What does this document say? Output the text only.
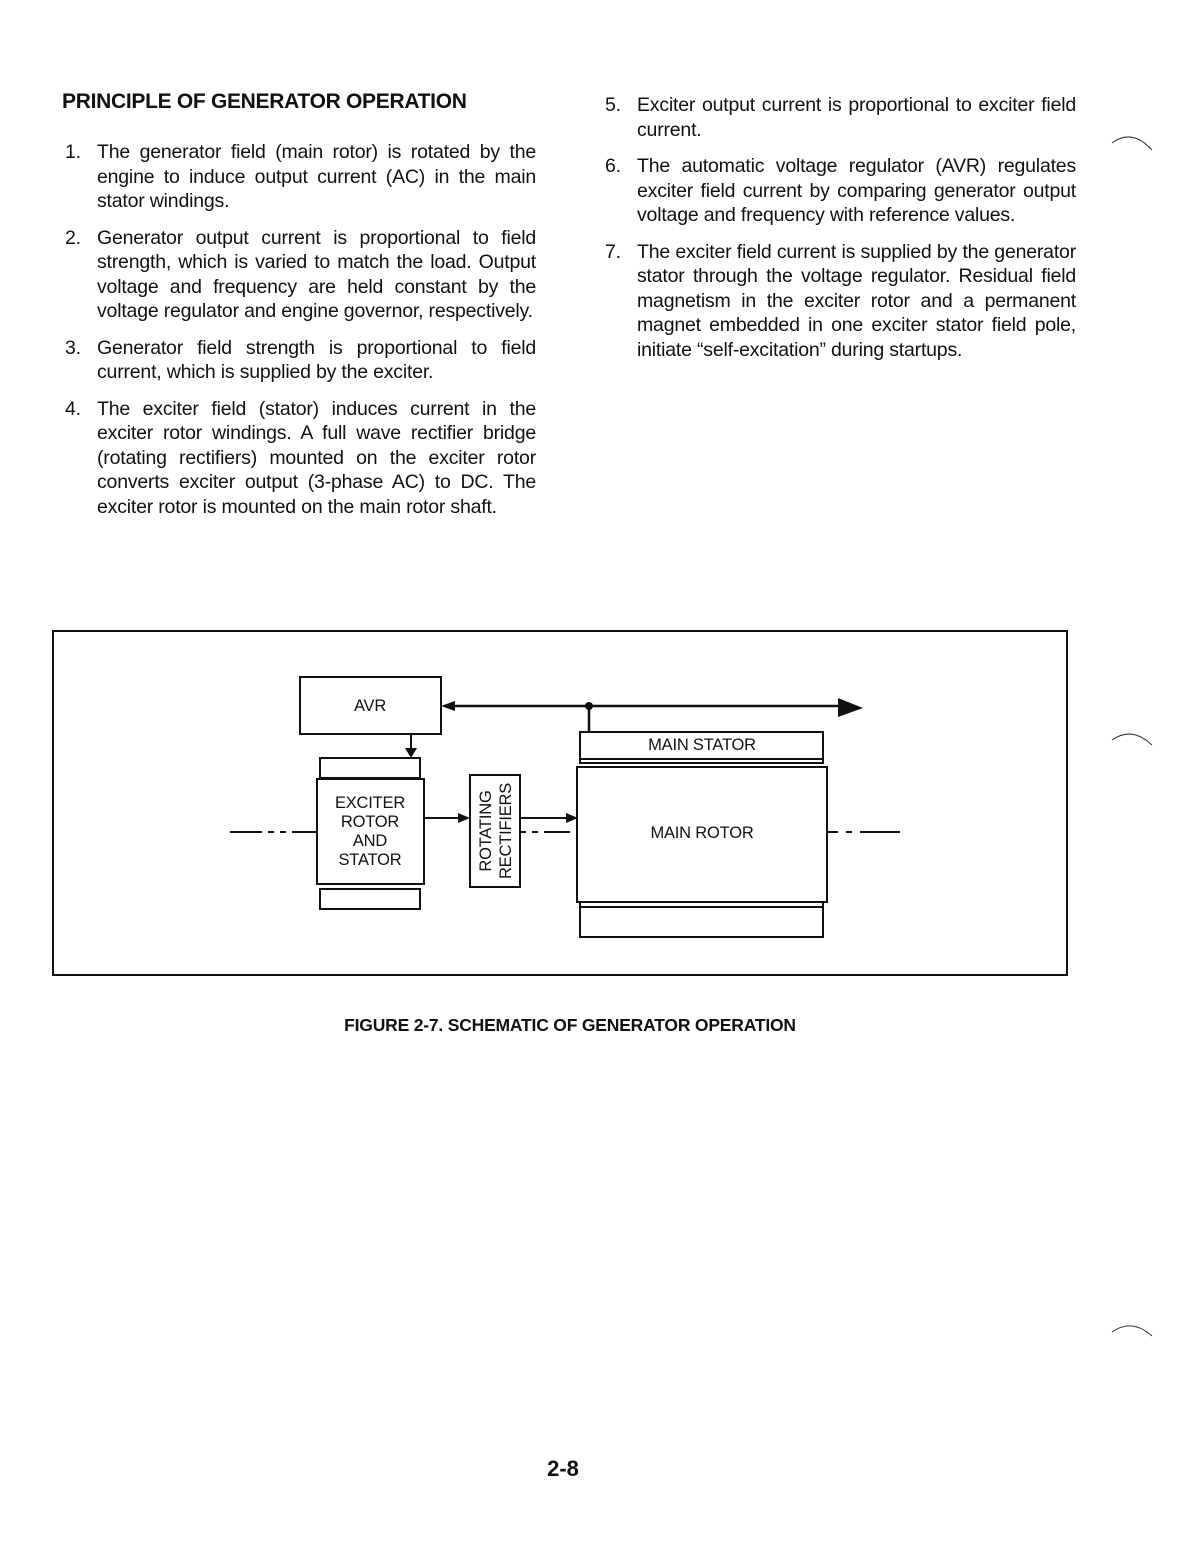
PRINCIPLE OF GENERATOR OPERATION
1. The generator field (main rotor) is rotated by the engine to induce output current (AC) in the main stator windings.
2. Generator output current is proportional to field strength, which is varied to match the load. Output voltage and frequency are held constant by the voltage regulator and engine governor, respectively.
3. Generator field strength is proportional to field current, which is supplied by the exciter.
4. The exciter field (stator) induces current in the exciter rotor windings. A full wave rectifier bridge (rotating rectifiers) mounted on the exciter rotor converts exciter output (3-phase AC) to DC. The exciter rotor is mounted on the main rotor shaft.
5. Exciter output current is proportional to exciter field current.
6. The automatic voltage regulator (AVR) regulates exciter field current by comparing generator output voltage and frequency with reference values.
7. The exciter field current is supplied by the generator stator through the voltage regulator. Residual field magnetism in the exciter rotor and a permanent magnet embedded in one exciter stator field pole, initiate “self-excitation” during startups.
AVR
EXCITER
ROTOR
AND
STATOR	ROTATING RECTIFIERS
MAIN STATOR
MAIN ROTOR
FIGURE 2-7. SCHEMATIC OF GENERATOR OPERATION
2-8
